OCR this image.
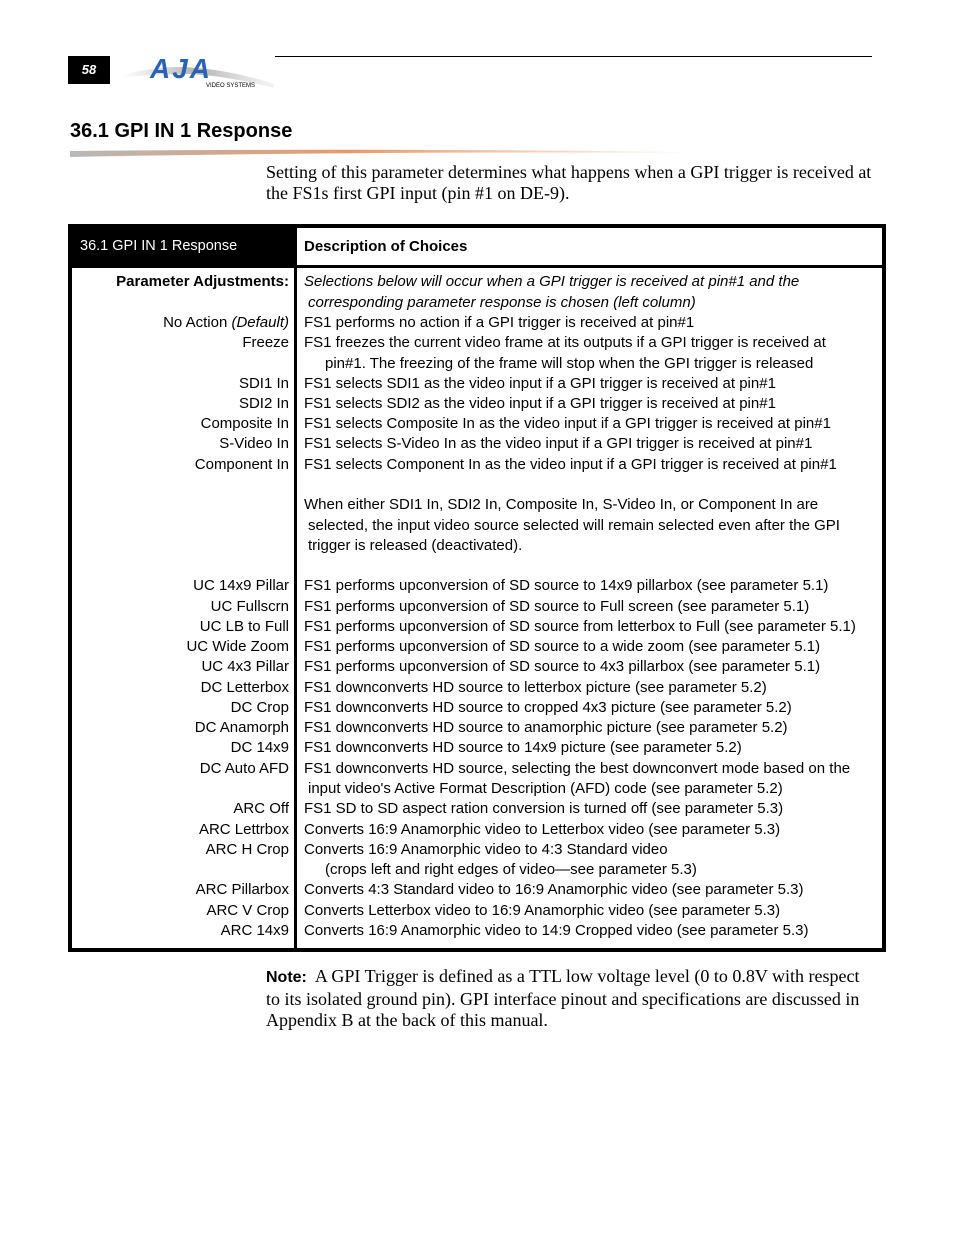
58	AJA
VIDEO SYSTEMS
36.1 GPI IN 1 Response
Setting of this parameter determines what happens when a GPI trigger is received at
the FS1s first GPI input (pin #1 on DE-9).
36.1 GPI IN 1 Response	Description of Choices
Parameter Adjustments:
No Action (Default)
Freeze
SDI1 In
SDI2 In
Composite In
S-Video In
Component In
UC 14x9 Pillar
UC Fullscrn
UC LB to Full
UC Wide Zoom
UC 4x3 Pillar
DC Letterbox
DC Crop
DC Anamorph
DC 14x9
DC Auto AFD
ARC Off
ARC Lettrbox
ARC H Crop
ARC Pillarbox
ARC V Crop
ARC 14x9
Selections below will occur when a GPI trigger is received at pin#1 and the
corresponding parameter response is chosen (left column)
FS1 performs no action if a GPI trigger is received at pin#1
FS1 freezes the current video frame at its outputs if a GPI trigger is received at
pin#1. The freezing of the frame will stop when the GPI trigger is released
FS1 selects SDI1 as the video input if a GPI trigger is received at pin#1
FS1 selects SDI2 as the video input if a GPI trigger is received at pin#1
FS1 selects Composite In as the video input if a GPI trigger is received at pin#1
FS1 selects S-Video In as the video input if a GPI trigger is received at pin#1
FS1 selects Component In as the video input if a GPI trigger is received at pin#1
When either SDI1 In, SDI2 In, Composite In, S-Video In, or Component In are
selected, the input video source selected will remain selected even after the GPI
trigger is released (deactivated).
FS1 performs upconversion of SD source to 14x9 pillarbox (see parameter 5.1)
FS1 performs upconversion of SD source to Full screen (see parameter 5.1)
FS1 performs upconversion of SD source from letterbox to Full (see parameter 5.1)
FS1 performs upconversion of SD source to a wide zoom (see parameter 5.1)
FS1 performs upconversion of SD source to 4x3 pillarbox (see parameter 5.1)
FS1 downconverts HD source to letterbox picture (see parameter 5.2)
FS1 downconverts HD source to cropped 4x3 picture (see parameter 5.2)
FS1 downconverts HD source to anamorphic picture (see parameter 5.2)
FS1 downconverts HD source to 14x9 picture (see parameter 5.2)
FS1 downconverts HD source, selecting the best downconvert mode based on the
input video's Active Format Description (AFD) code (see parameter 5.2)
FS1 SD to SD aspect ration conversion is turned off (see parameter 5.3)
Converts 16:9 Anamorphic video to Letterbox video (see parameter 5.3)
Converts 16:9 Anamorphic video to 4:3 Standard video
(crops left and right edges of video—see parameter 5.3)
Converts 4:3 Standard video to 16:9 Anamorphic video (see parameter 5.3)
Converts Letterbox video to 16:9 Anamorphic video (see parameter 5.3)
Converts 16:9 Anamorphic video to 14:9 Cropped video (see parameter 5.3)
Note: A GPI Trigger is defined as a TTL low voltage level (0 to 0.8V with respect
to its isolated ground pin). GPI interface pinout and specifications are discussed in
Appendix B at the back of this manual.
